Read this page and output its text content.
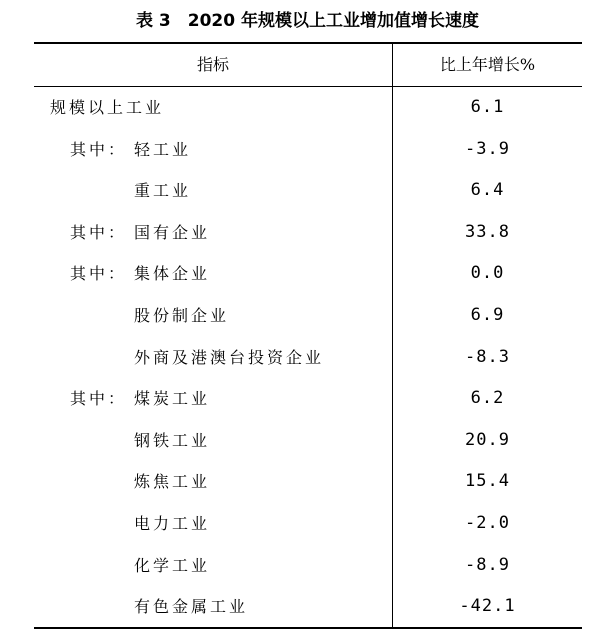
表 3　2020 年规模以上工业增加值增长速度
指标	比上年增长%
规模以上工业	6.1
其中： 轻工业	-3.9
重工业	6.4
其中： 国有企业	33.8
其中： 集体企业	0.0
股份制企业	6.9
外商及港澳台投资企业	-8.3
其中： 煤炭工业	6.2
钢铁工业	20.9
炼焦工业	15.4
电力工业	-2.0
化学工业	-8.9
有色金属工业	-42.1
